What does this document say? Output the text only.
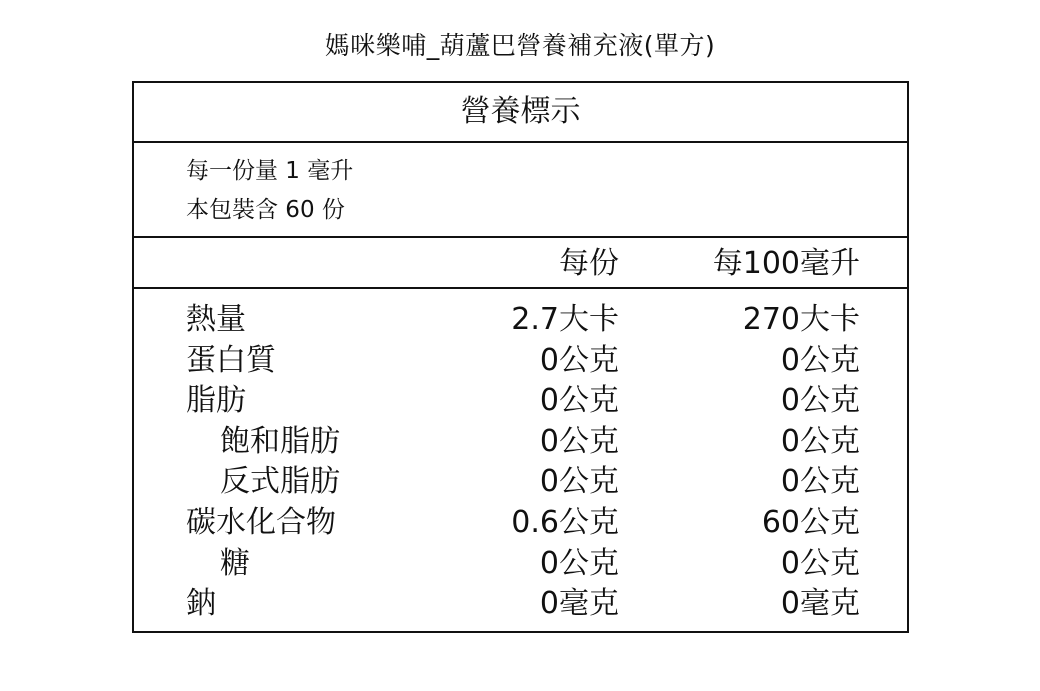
媽咪樂哺_葫蘆巴營養補充液(單方)
營養標示
每一份量 1 毫升
本包裝含 60 份
每份	每100毫升
熱量	2.7大卡	270大卡
蛋白質	0公克	0公克
脂肪	0公克	0公克
飽和脂肪	0公克	0公克
反式脂肪	0公克	0公克
碳水化合物	0.6公克	60公克
糖	0公克	0公克
鈉	0毫克	0毫克
